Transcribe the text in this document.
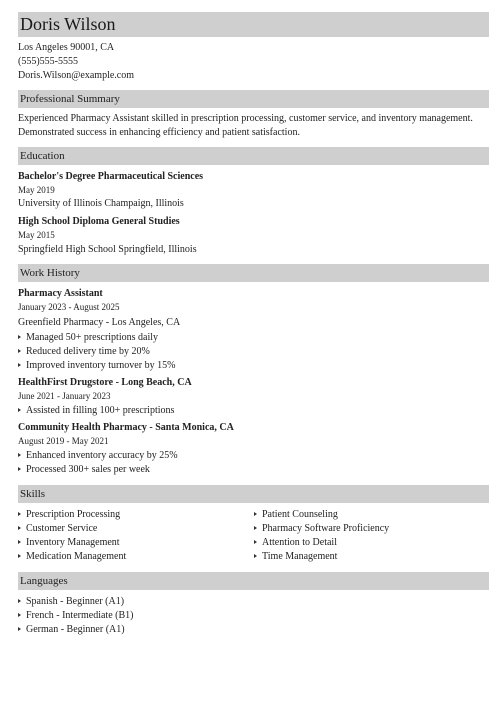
Doris Wilson
Los Angeles 90001, CA
(555)555-5555
Doris.Wilson@example.com
Professional Summary
Experienced Pharmacy Assistant skilled in prescription processing, customer service, and inventory management. Demonstrated success in enhancing efficiency and patient satisfaction.
Education
Bachelor's Degree Pharmaceutical Sciences
May 2019
University of Illinois Champaign, Illinois
High School Diploma General Studies
May 2015
Springfield High School Springfield, Illinois
Work History
Pharmacy Assistant
January 2023 - August 2025
Greenfield Pharmacy - Los Angeles, CA
Managed 50+ prescriptions daily
Reduced delivery time by 20%
Improved inventory turnover by 15%
HealthFirst Drugstore - Long Beach, CA
June 2021 - January 2023
Assisted in filling 100+ prescriptions
Community Health Pharmacy - Santa Monica, CA
August 2019 - May 2021
Enhanced inventory accuracy by 25%
Processed 300+ sales per week
Skills
Prescription Processing
Customer Service
Inventory Management
Medication Management
Patient Counseling
Pharmacy Software Proficiency
Attention to Detail
Time Management
Languages
Spanish - Beginner (A1)
French - Intermediate (B1)
German - Beginner (A1)
